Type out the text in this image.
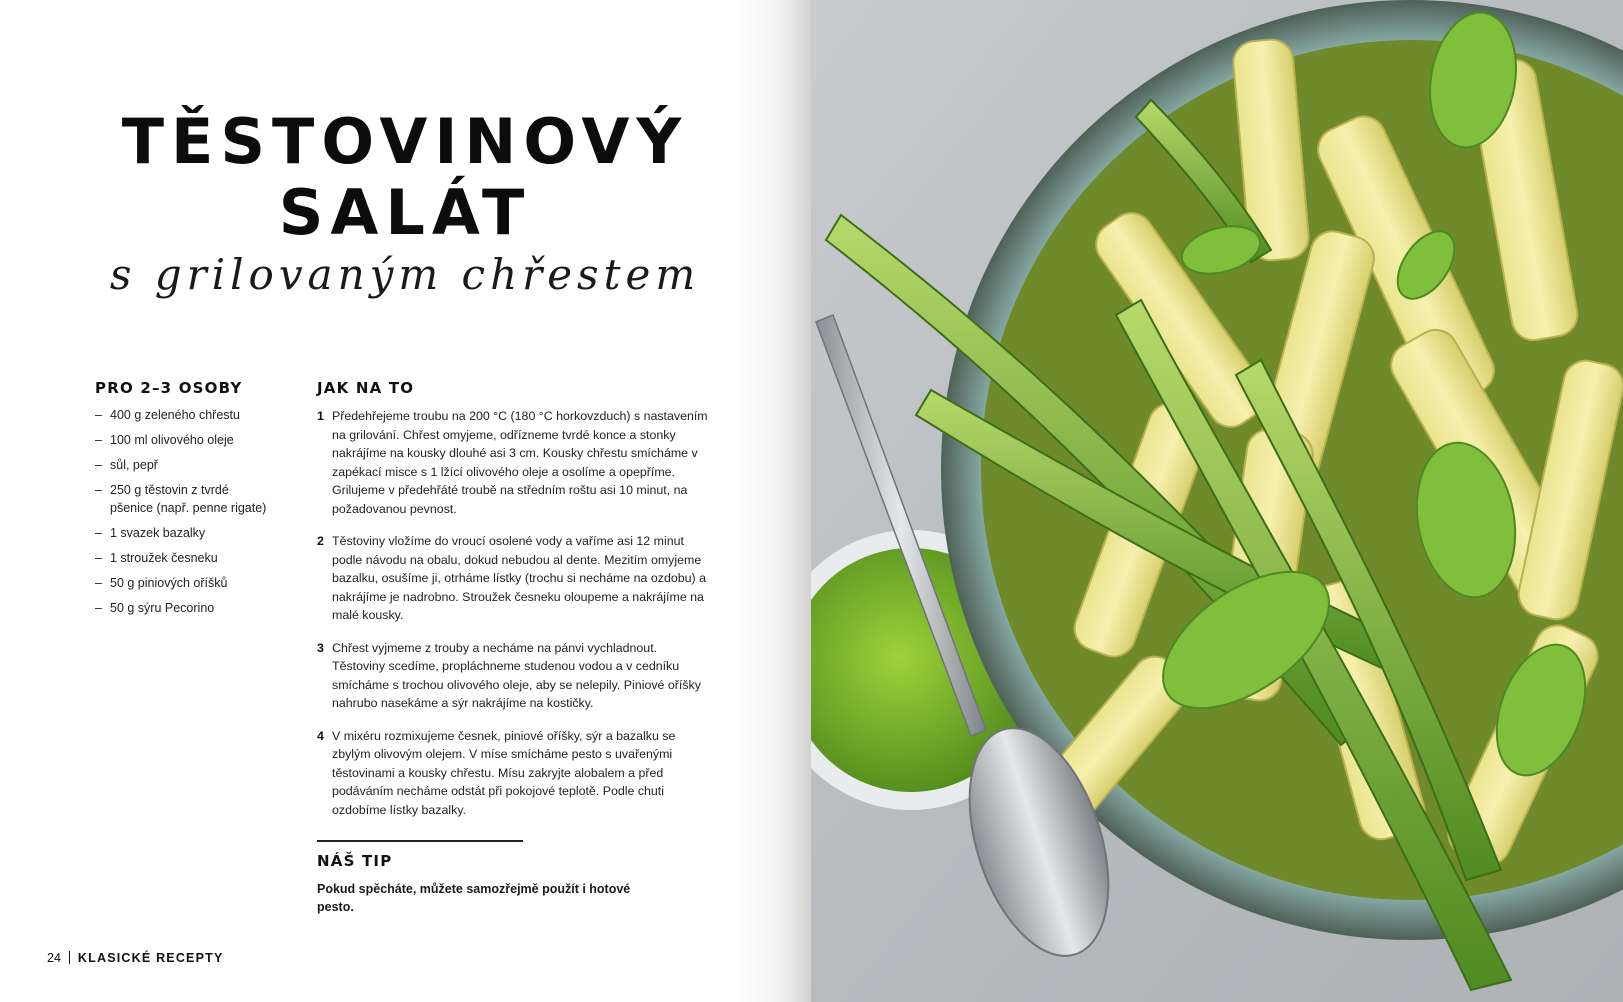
TĚSTOVINOVÝ
SALÁT
s grilovaným chřestem
PRO 2–3 OSOBY
– 400 g zeleného chřestu
– 100 ml olivového oleje
– sůl, pepř
– 250 g těstovin z tvrdé pšenice (např. penne rigate)
– 1 svazek bazalky
– 1 stroužek česneku
– 50 g piniových oříšků
– 50 g sýru Pecorino
JAK NA TO
1 Předehřejeme troubu na 200 °C (180 °C horkovzduch) s nastavením na grilování. Chřest omyjeme, odřízneme tvrdé konce a stonky nakrájíme na kousky dlouhé asi 3 cm. Kousky chřestu smícháme v zapékací misce s 1 lžící olivového oleje a osolíme a opepříme. Grilujeme v předehřáté troubě na středním roštu asi 10 minut, na požadovanou pevnost.
2 Těstoviny vložíme do vroucí osolené vody a vaříme asi 12 minut podle návodu na obalu, dokud nebudou al dente. Mezitím omyjeme bazalku, osušíme ji, otrháme lístky (trochu si necháme na ozdobu) a nakrájíme je nadrobno. Stroužek česneku oloupeme a nakrájíme na malé kousky.
3 Chřest vyjmeme z trouby a necháme na pánvi vychladnout. Těstoviny scedíme, propláchneme studenou vodou a v cedníku smícháme s trochou olivového oleje, aby se nelepily. Piniové oříšky nahrubo nasekáme a sýr nakrájíme na kostičky.
4 V mixéru rozmixujeme česnek, piniové oříšky, sýr a bazalku se zbylým olivovým olejem. V míse smícháme pesto s uvařenými těstovinami a kousky chřestu. Mísu zakryjte alobalem a před podáváním necháme odstát při pokojové teplotě. Podle chuti ozdobíme lístky bazalky.
NÁŠ TIP
Pokud spěcháte, můžete samozřejmě použít i hotové pesto.
24 KLASICKÉ RECEPTY
